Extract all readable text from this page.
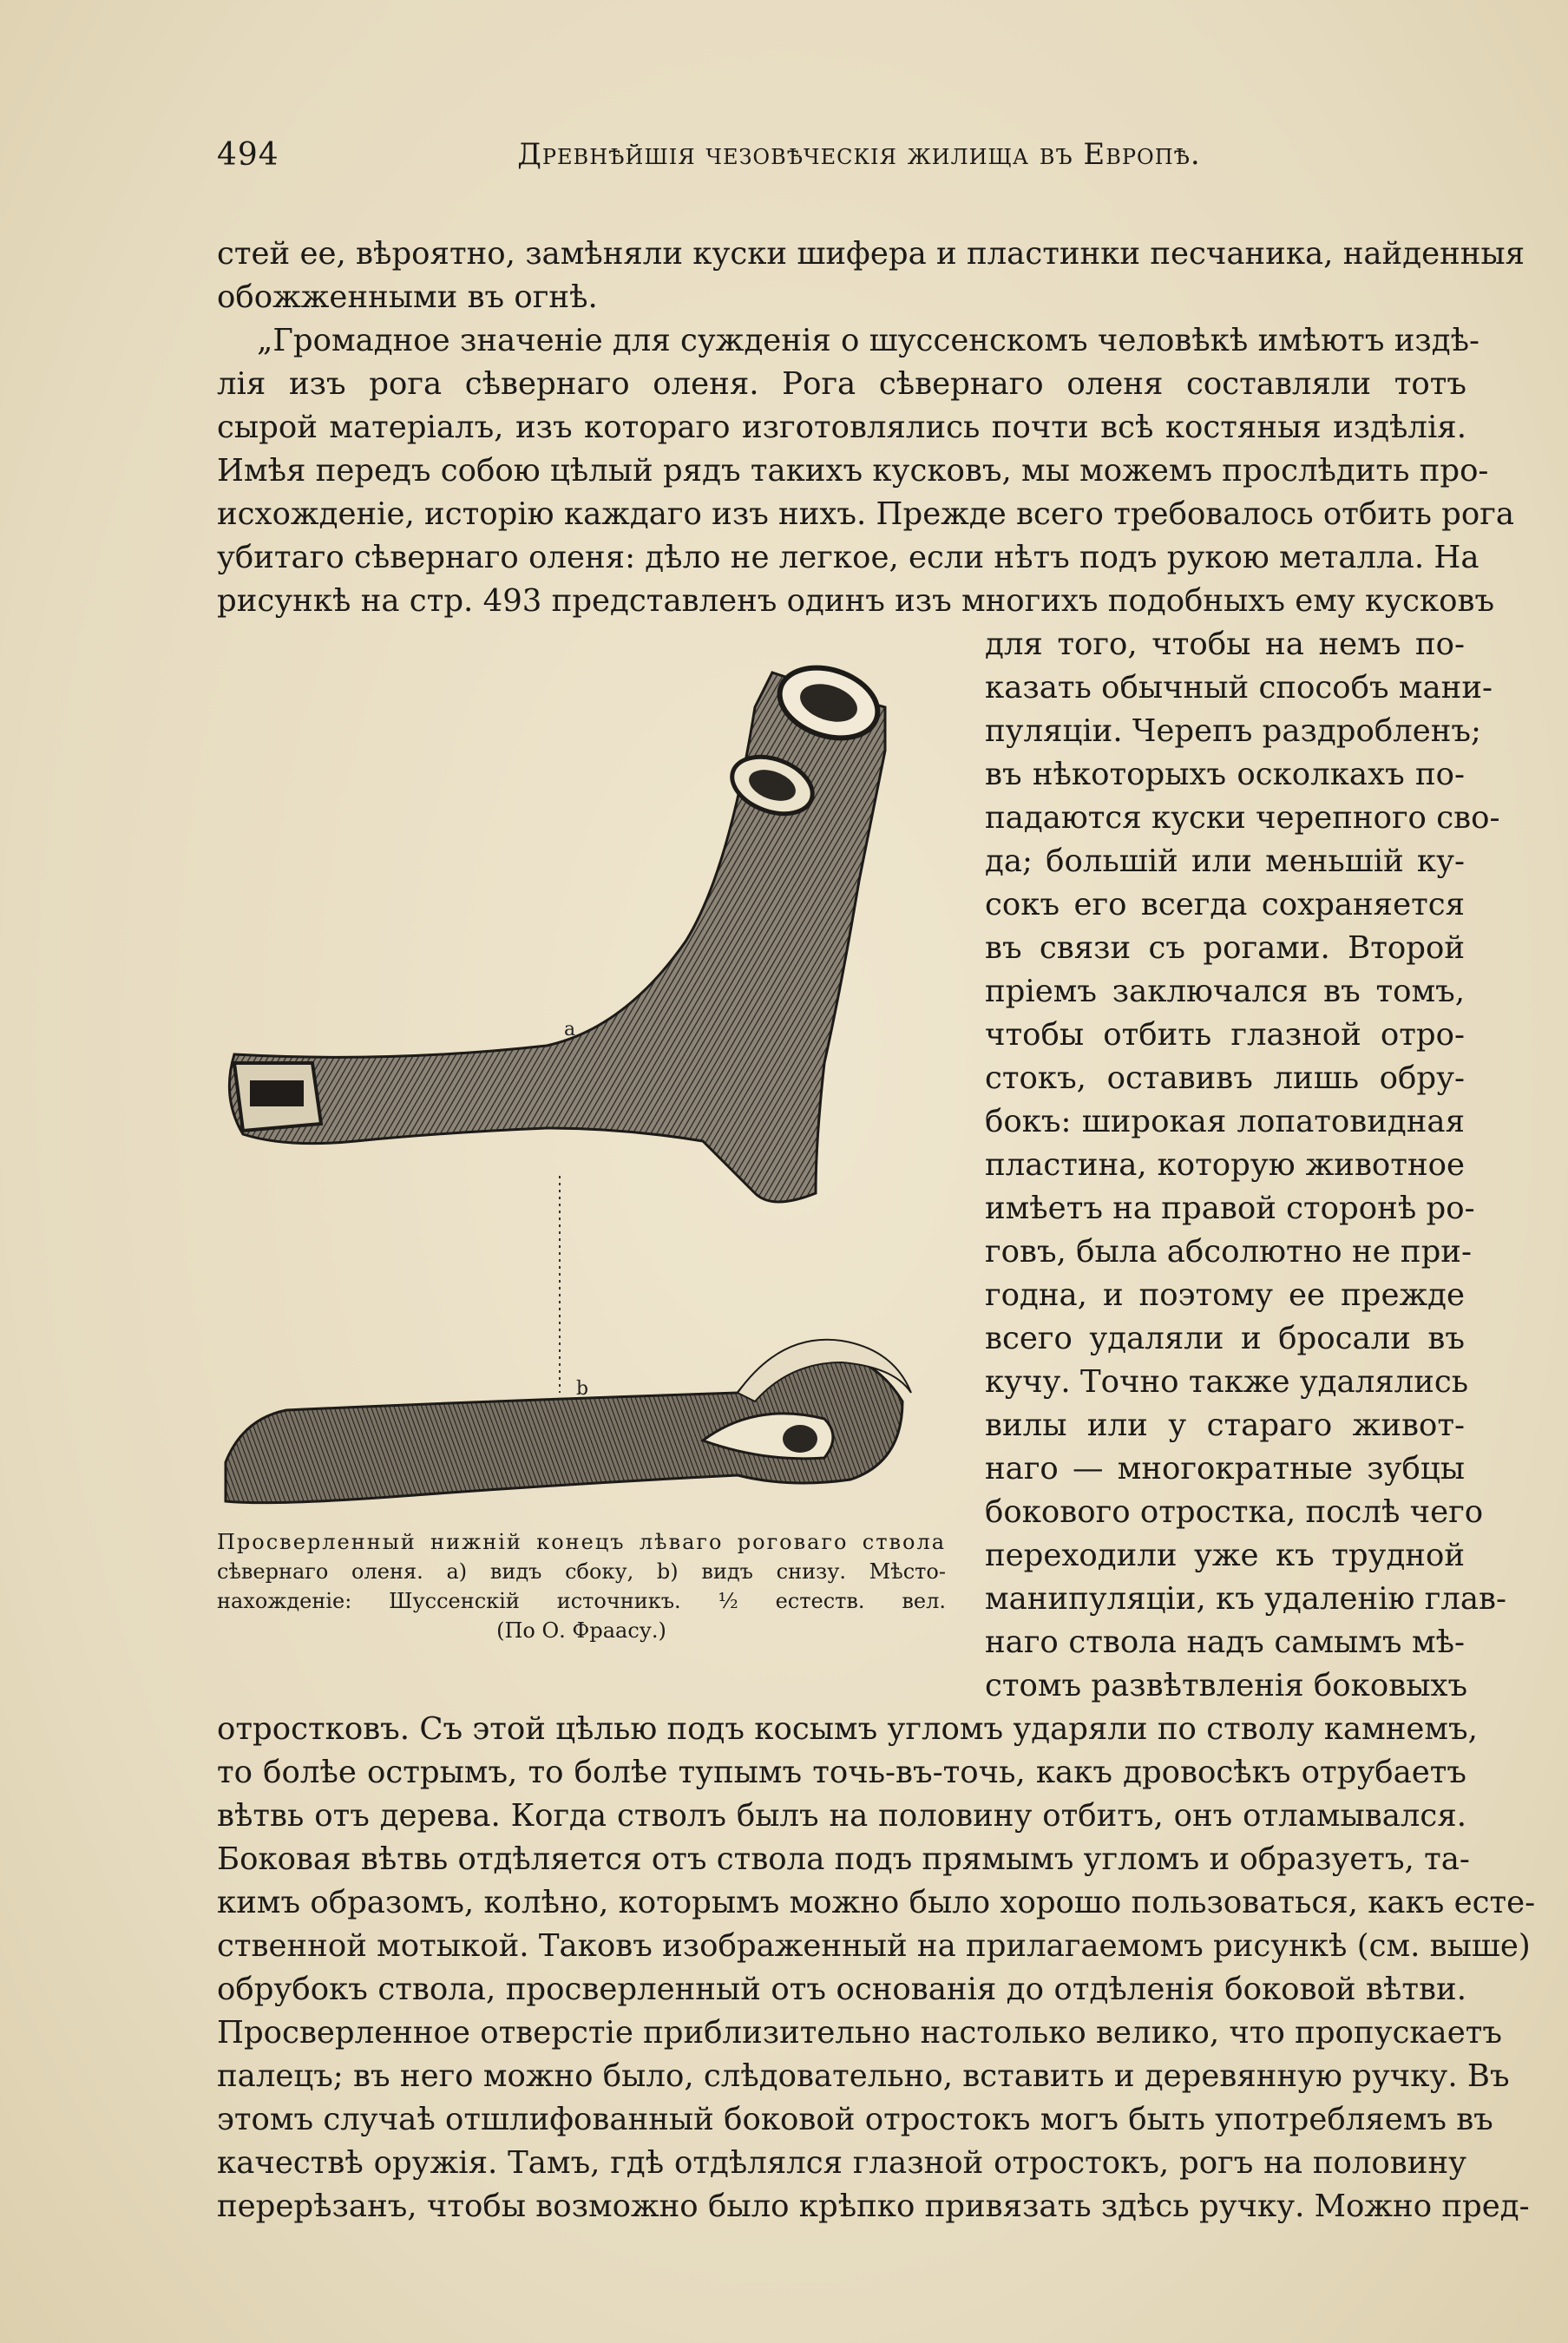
494	Древнѣйшія чезовѣческія жилища въ Европѣ.
стей ее, вѣроятно, замѣняли куски шифера и пластинки песчаника, найденныя
обожженными въ огнѣ.
„Громадное значеніе для сужденія о шуссенскомъ человѣкѣ имѣютъ издѣ-
лія изъ рога сѣвернаго оленя. Рога сѣвернаго оленя составляли тотъ
сырой матеріалъ, изъ котораго изготовлялись почти всѣ костяныя издѣлія.
Имѣя передъ собою цѣлый рядъ такихъ кусковъ, мы можемъ прослѣдить про-
исхожденіе, исторію каждаго изъ нихъ. Прежде всего требовалось отбить рога
убитаго сѣвернаго оленя: дѣло не легкое, если нѣтъ подъ рукою металла. На
рисункѣ на стр. 493 представленъ одинъ изъ многихъ подобныхъ ему кусковъ
a
b
Просверленный нижній конецъ лѣваго роговаго ствола
сѣвернаго оленя. а) видъ сбоку, b) видъ снизу. Мѣсто-
нахожденіе: Шуссенскій источникъ. ½ естеств. вел.
(По О. Фраасу.)
для того, чтобы на немъ по-
казать обычный способъ мани-
пуляціи. Черепъ раздробленъ;
въ нѣкоторыхъ осколкахъ по-
падаются куски черепного сво-
да; большій или меньшій ку-
сокъ его всегда сохраняется
въ связи съ рогами. Второй
пріемъ заключался въ томъ,
чтобы отбить глазной отро-
стокъ, оставивъ лишь обру-
бокъ: широкая лопатовидная
пластина, которую животное
имѣетъ на правой сторонѣ ро-
говъ, была абсолютно не при-
годна, и поэтому ее прежде
всего удаляли и бросали въ
кучу. Точно также удалялись
вилы или у стараго живот-
наго — многократные зубцы
бокового отростка, послѣ чего
переходили уже къ трудной
манипуляціи, къ удаленію глав-
наго ствола надъ самымъ мѣ-
стомъ развѣтвленія боковыхъ
отростковъ. Съ этой цѣлью подъ косымъ угломъ ударяли по стволу камнемъ,
то болѣе острымъ, то болѣе тупымъ точь-въ-точь, какъ дровосѣкъ отрубаетъ
вѣтвь отъ дерева. Когда стволъ былъ на половину отбитъ, онъ отламывался.
Боковая вѣтвь отдѣляется отъ ствола подъ прямымъ угломъ и образуетъ, та-
кимъ образомъ, колѣно, которымъ можно было хорошо пользоваться, какъ есте-
ственной мотыкой. Таковъ изображенный на прилагаемомъ рисункѣ (см. выше)
обрубокъ ствола, просверленный отъ основанія до отдѣленія боковой вѣтви.
Просверленное отверстіе приблизительно настолько велико, что пропускаетъ
палецъ; въ него можно было, слѣдовательно, вставить и деревянную ручку. Въ
этомъ случаѣ отшлифованный боковой отростокъ могъ быть употребляемъ въ
качествѣ оружія. Тамъ, гдѣ отдѣлялся глазной отростокъ, рогъ на половину
перерѣзанъ, чтобы возможно было крѣпко привязать здѣсь ручку. Можно пред-
